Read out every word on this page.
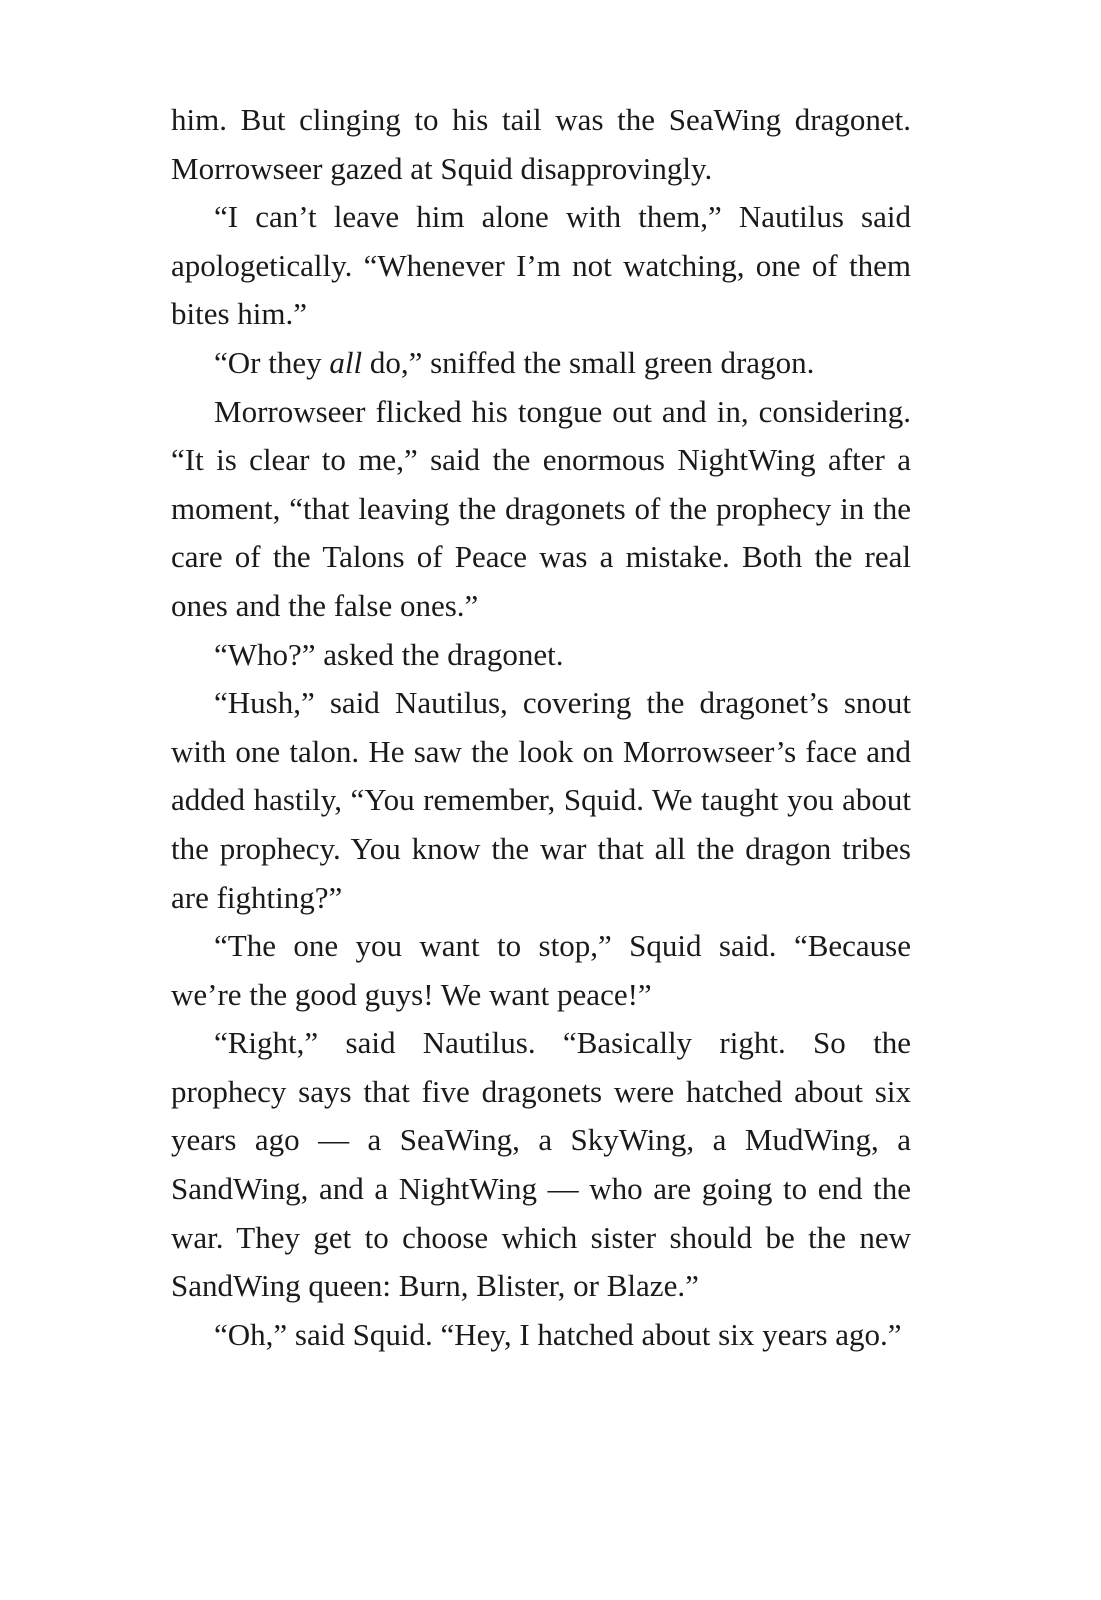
him. But clinging to his tail was the SeaWing dragonet. Morrowseer gazed at Squid disapprovingly.

“I can’t leave him alone with them,” Nautilus said apologetically. “Whenever I’m not watching, one of them bites him.”

“Or they all do,” sniffed the small green dragon.

Morrowseer flicked his tongue out and in, considering. “It is clear to me,” said the enormous NightWing after a moment, “that leaving the dragonets of the prophecy in the care of the Talons of Peace was a mistake. Both the real ones and the false ones.”

“Who?” asked the dragonet.

“Hush,” said Nautilus, covering the dragonet’s snout with one talon. He saw the look on Morrowseer’s face and added hastily, “You remember, Squid. We taught you about the prophecy. You know the war that all the dragon tribes are fighting?”

“The one you want to stop,” Squid said. “Because we’re the good guys! We want peace!”

“Right,” said Nautilus. “Basically right. So the prophecy says that five dragonets were hatched about six years ago — a SeaWing, a SkyWing, a MudWing, a SandWing, and a NightWing — who are going to end the war. They get to choose which sister should be the new SandWing queen: Burn, Blister, or Blaze.”

“Oh,” said Squid. “Hey, I hatched about six years ago.”
